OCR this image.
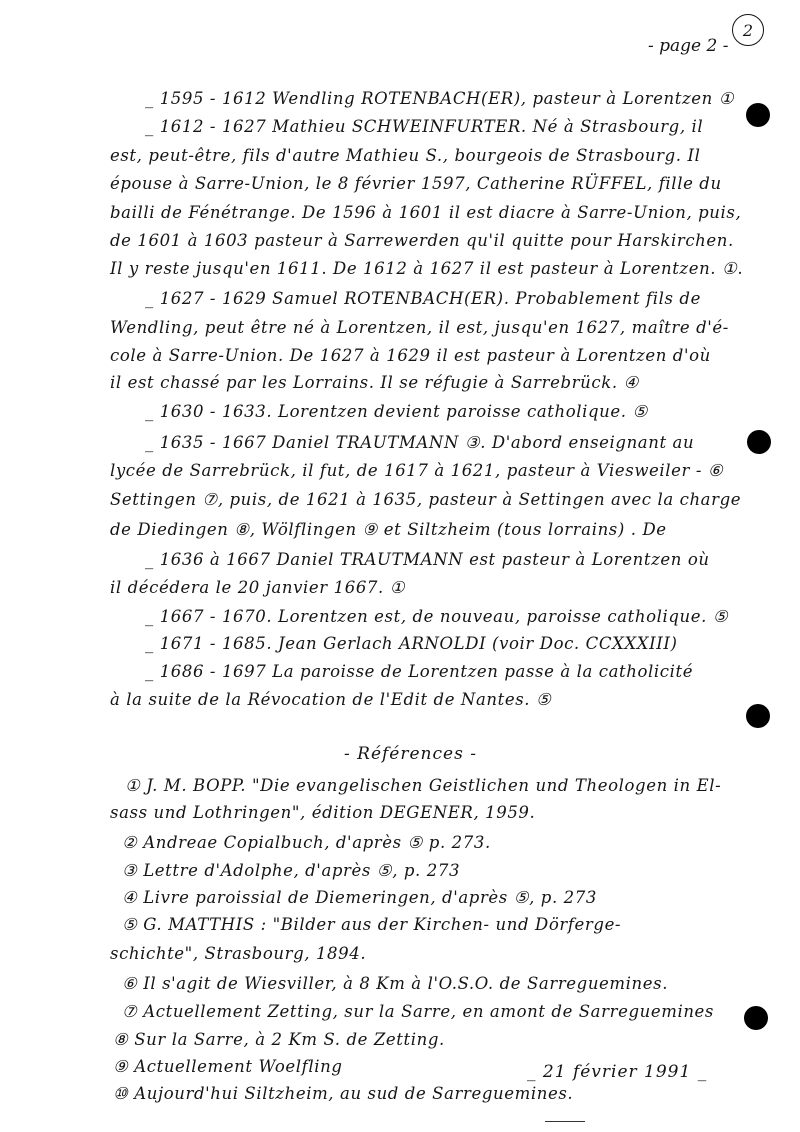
2
- page 2 -
_ 1595 - 1612 Wendling ROTENBACH(ER), pasteur à Lorentzen ①
_ 1612 - 1627 Mathieu SCHWEINFURTER. Né à Strasbourg, il
est, peut-être, fils d'autre Mathieu S., bourgeois de Strasbourg. Il
épouse à Sarre-Union, le 8 février 1597, Catherine RÜFFEL, fille du
bailli de Fénétrange. De 1596 à 1601 il est diacre à Sarre-Union, puis,
de 1601 à 1603 pasteur à Sarrewerden qu'il quitte pour Harskirchen.
Il y reste jusqu'en 1611. De 1612 à 1627 il est pasteur à Lorentzen. ①.
_ 1627 - 1629 Samuel ROTENBACH(ER). Probablement fils de
Wendling, peut être né à Lorentzen, il est, jusqu'en 1627, maître d'é-
cole à Sarre-Union. De 1627 à 1629 il est pasteur à Lorentzen d'où
il est chassé par les Lorrains. Il se réfugie à Sarrebrück. ④
_ 1630 - 1633. Lorentzen devient paroisse catholique. ⑤
_ 1635 - 1667 Daniel TRAUTMANN ③. D'abord enseignant au
lycée de Sarrebrück, il fut, de 1617 à 1621, pasteur à Viesweiler - ⑥
Settingen ⑦, puis, de 1621 à 1635, pasteur à Settingen avec la charge
de Diedingen ⑧, Wölflingen ⑨ et Siltzheim (tous lorrains) . De
_ 1636 à 1667 Daniel TRAUTMANN est pasteur à Lorentzen où
il décédera le 20 janvier 1667. ①
_ 1667 - 1670. Lorentzen est, de nouveau, paroisse catholique. ⑤
_ 1671 - 1685. Jean Gerlach ARNOLDI (voir Doc. CCXXXIII)
_ 1686 - 1697 La paroisse de Lorentzen passe à la catholicité
à la suite de la Révocation de l'Edit de Nantes. ⑤
- Références -
① J. M. BOPP. "Die evangelischen Geistlichen und Theologen in El-
sass und Lothringen", édition DEGENER, 1959.
② Andreae Copialbuch, d'après ⑤ p. 273.
③ Lettre d'Adolphe, d'après ⑤, p. 273
④ Livre paroissial de Diemeringen, d'après ⑤, p. 273
⑤ G. MATTHIS : "Bilder aus der Kirchen- und Dörferge-
schichte", Strasbourg, 1894.
⑥ Il s'agit de Wiesviller, à 8 Km à l'O.S.O. de Sarreguemines.
⑦ Actuellement Zetting, sur la Sarre, en amont de Sarreguemines
⑧ Sur la Sarre, à 2 Km S. de Zetting.
⑨ Actuellement Woelfling
⑩ Aujourd'hui Siltzheim, au sud de Sarreguemines.
_ 21 février 1991 _
